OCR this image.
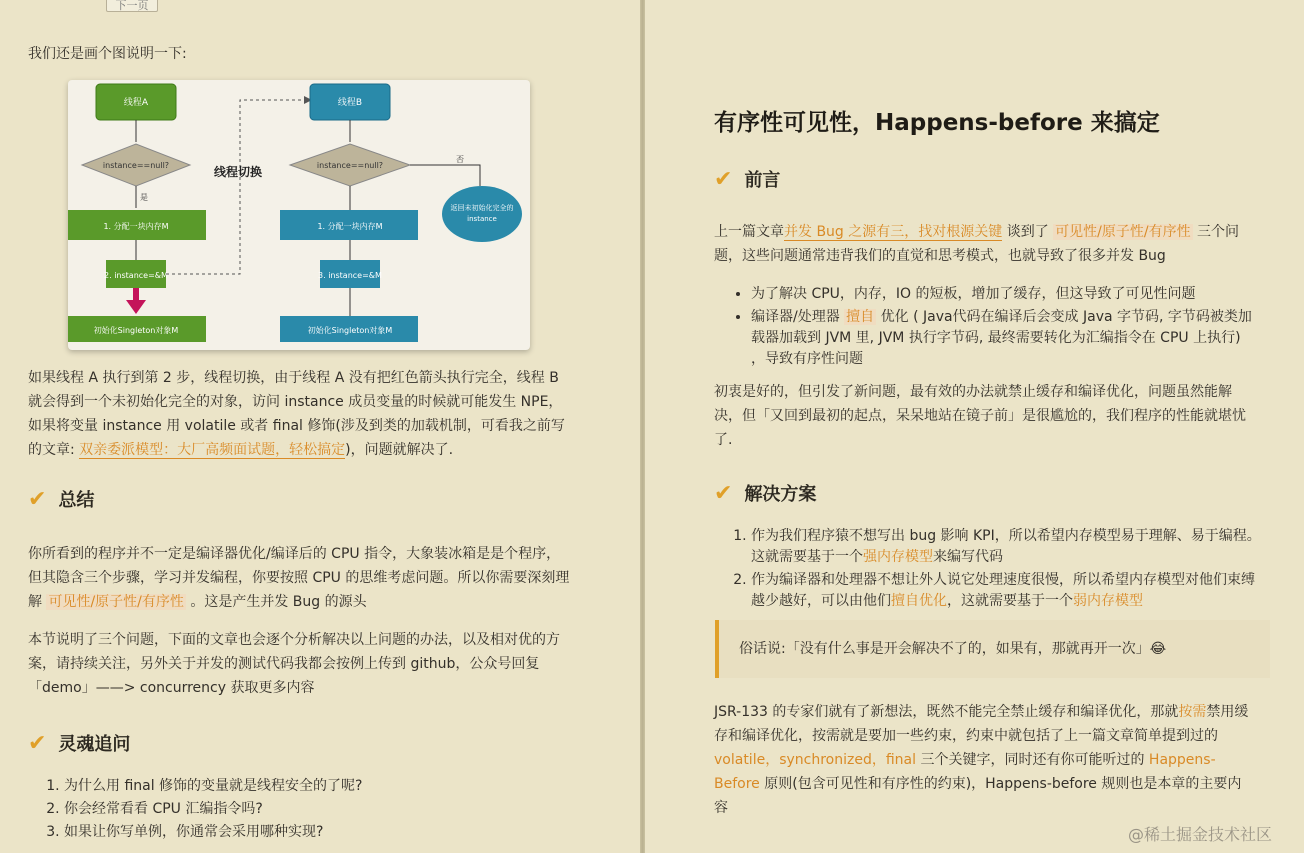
下一页
我们还是画个图说明一下:
线程A
instance==null?
是
1. 分配一块内存M
2. instance=&M
初始化Singleton对象M
线程切换
线程B
instance==null?
1. 分配一块内存M
3. instance=&M
初始化Singleton对象M
否
返回未初始化完全的
instance
如果线程 A 执行到第 2 步，线程切换，由于线程 A 没有把红色箭头执行完全，线程 B 就会得到一个未初始化完全的对象，访问 instance 成员变量的时候就可能发生 NPE，如果将变量 instance 用 volatile 或者 final 修饰(涉及到类的加载机制，可看我之前写的文章: 双亲委派模型：大厂高频面试题，轻松搞定)，问题就解决了.
✔ 总结
你所看到的程序并不一定是编译器优化/编译后的 CPU 指令，大象装冰箱是是个程序，但其隐含三个步骤，学习并发编程，你要按照 CPU 的思维考虑问题。所以你需要深刻理解 可见性/原子性/有序性 。这是产生并发 Bug 的源头
本节说明了三个问题，下面的文章也会逐个分析解决以上问题的办法，以及相对优的方案，请持续关注，另外关于并发的测试代码我都会按例上传到 github，公众号回复「demo」——> concurrency 获取更多内容
✔ 灵魂追问
1. 为什么用 final 修饰的变量就是线程安全的了呢?
2. 你会经常看看 CPU 汇编指令吗?
3. 如果让你写单例，你通常会采用哪种实现?
有序性可见性，Happens-before 来搞定
✔ 前言
上一篇文章并发 Bug 之源有三，找对根源关键 谈到了 可见性/原子性/有序性 三个问题，这些问题通常违背我们的直觉和思考模式，也就导致了很多并发 Bug
• 为了解决 CPU，内存，IO 的短板，增加了缓存，但这导致了可见性问题
• 编译器/处理器 擅自 优化 ( Java代码在编译后会变成 Java 字节码, 字节码被类加载器加载到 JVM 里, JVM 执行字节码, 最终需要转化为汇编指令在 CPU 上执行) ，导致有序性问题
初衷是好的，但引发了新问题，最有效的办法就禁止缓存和编译优化，问题虽然能解决，但「又回到最初的起点，呆呆地站在镜子前」是很尴尬的，我们程序的性能就堪忧了.
✔ 解决方案
1. 作为我们程序猿不想写出 bug 影响 KPI，所以希望内存模型易于理解、易于编程。这就需要基于一个强内存模型来编写代码
2. 作为编译器和处理器不想让外人说它处理速度很慢，所以希望内存模型对他们束缚越少越好，可以由他们擅自优化，这就需要基于一个弱内存模型
俗话说:「没有什么事是开会解决不了的，如果有，那就再开一次」😂
JSR-133 的专家们就有了新想法，既然不能完全禁止缓存和编译优化，那就按需禁用缓存和编译优化，按需就是要加一些约束，约束中就包括了上一篇文章简单提到过的 volatile，synchronized，final 三个关键字，同时还有你可能听过的 Happens-Before 原则(包含可见性和有序性的约束)，Happens-before 规则也是本章的主要内容
@稀土掘金技术社区
